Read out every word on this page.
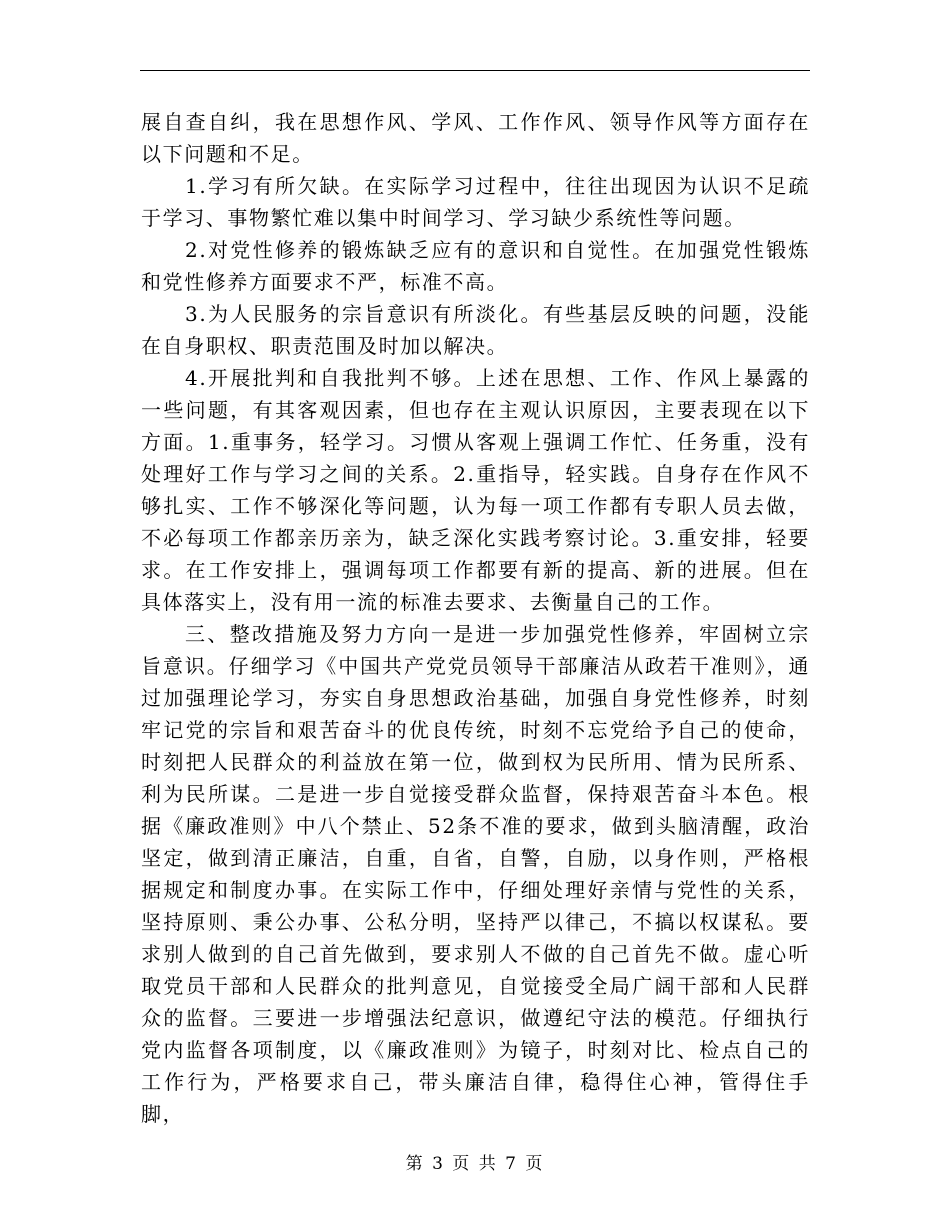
展自查自纠，我在思想作风、学风、工作作风、领导作风等方面存在以下问题和不足。

1.学习有所欠缺。在实际学习过程中，往往出现因为认识不足疏于学习、事物繁忙难以集中时间学习、学习缺少系统性等问题。

2.对党性修养的锻炼缺乏应有的意识和自觉性。在加强党性锻炼和党性修养方面要求不严，标准不高。

3.为人民服务的宗旨意识有所淡化。有些基层反映的问题，没能在自身职权、职责范围及时加以解决。

4.开展批判和自我批判不够。上述在思想、工作、作风上暴露的一些问题，有其客观因素，但也存在主观认识原因，主要表现在以下方面。1.重事务，轻学习。习惯从客观上强调工作忙、任务重，没有处理好工作与学习之间的关系。2.重指导，轻实践。自身存在作风不够扎实、工作不够深化等问题，认为每一项工作都有专职人员去做，不必每项工作都亲历亲为，缺乏深化实践考察讨论。3.重安排，轻要求。在工作安排上，强调每项工作都要有新的提高、新的进展。但在具体落实上，没有用一流的标准去要求、去衡量自己的工作。

三、整改措施及努力方向一是进一步加强党性修养，牢固树立宗旨意识。仔细学习《中国共产党党员领导干部廉洁从政若干准则》，通过加强理论学习，夯实自身思想政治基础，加强自身党性修养，时刻牢记党的宗旨和艰苦奋斗的优良传统，时刻不忘党给予自己的使命，时刻把人民群众的利益放在第一位，做到权为民所用、情为民所系、利为民所谋。二是进一步自觉接受群众监督，保持艰苦奋斗本色。根据《廉政准则》中八个禁止、52条不准的要求，做到头脑清醒，政治坚定，做到清正廉洁，自重，自省，自警，自励，以身作则，严格根据规定和制度办事。在实际工作中，仔细处理好亲情与党性的关系，坚持原则、秉公办事、公私分明，坚持严以律己，不搞以权谋私。要求别人做到的自己首先做到，要求别人不做的自己首先不做。虚心听取党员干部和人民群众的批判意见，自觉接受全局广阔干部和人民群众的监督。三要进一步增强法纪意识，做遵纪守法的模范。仔细执行党内监督各项制度，以《廉政准则》为镜子，时刻对比、检点自己的工作行为，严格要求自己，带头廉洁自律，稳得住心神，管得住手脚，

第 3 页 共 7 页
